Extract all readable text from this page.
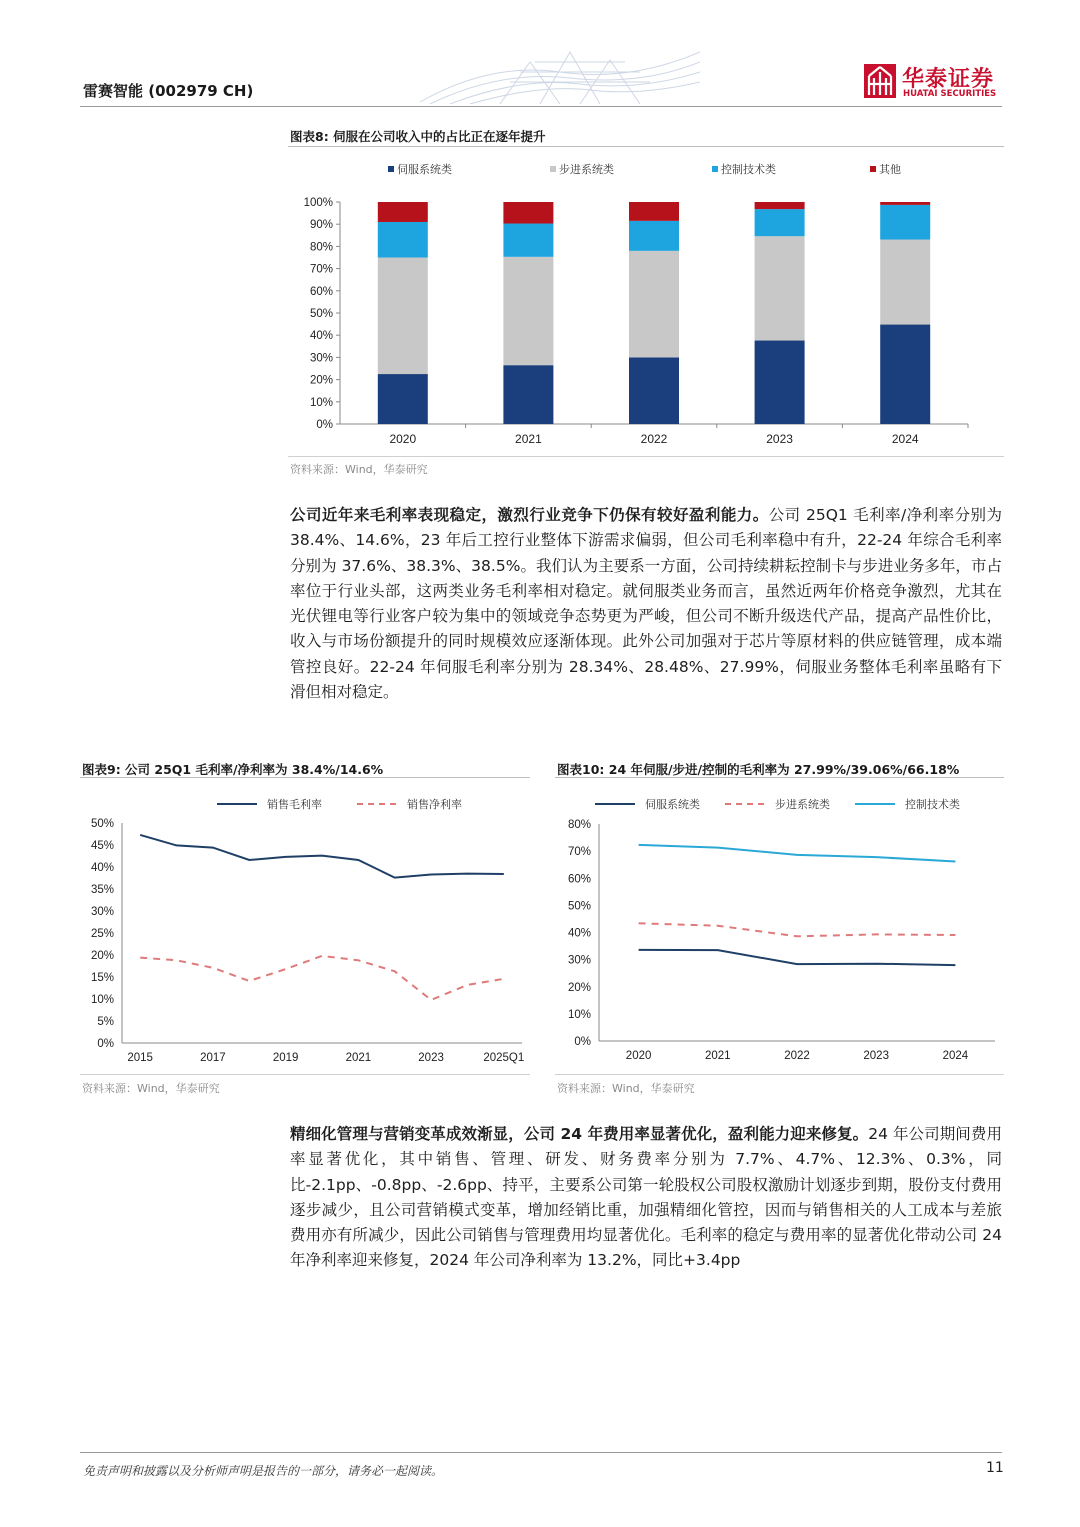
雷赛智能 (002979 CH)	华泰证券
HUATAI SECURITIES
图表8: 伺服在公司收入中的占比正在逐年提升
伺服系统类	步进系统类	控制技术类	其他
0%
10%
20%
30%
40%
50%
60%
70%
80%
90%
100%
2020	2021	2022	2023	2024
资料来源：Wind，华泰研究
公司近年来毛利率表现稳定，激烈行业竞争下仍保有较好盈利能力。公司 25Q1 毛利率/净利率分别为 38.4%、14.6%，23 年后工控行业整体下游需求偏弱，但公司毛利率稳中有升，22-24 年综合毛利率分别为 37.6%、38.3%、38.5%。我们认为主要系一方面，公司持续耕耘控制卡与步进业务多年，市占率位于行业头部，这两类业务毛利率相对稳定。就伺服类业务而言，虽然近两年价格竞争激烈，尤其在光伏锂电等行业客户较为集中的领域竞争态势更为严峻，但公司不断升级迭代产品，提高产品性价比，收入与市场份额提升的同时规模效应逐渐体现。此外公司加强对于芯片等原材料的供应链管理，成本端管控良好。22-24 年伺服毛利率分别为 28.34%、28.48%、27.99%，伺服业务整体毛利率虽略有下滑但相对稳定。
图表9: 公司 25Q1 毛利率/净利率为 38.4%/14.6%
销售毛利率	销售净利率
0%
5%
10%
15%
20%
25%
30%
35%
40%
45%
50%
2015	2017	2019	2021	2023	2025Q1
资料来源：Wind，华泰研究
图表10: 24 年伺服/步进/控制的毛利率为 27.99%/39.06%/66.18%
伺服系统类	步进系统类	控制技术类
0%
10%
20%
30%
40%
50%
60%
70%
80%
2020	2021	2022	2023	2024
资料来源：Wind，华泰研究
精细化管理与营销变革成效渐显，公司 24 年费用率显著优化，盈利能力迎来修复。24 年公司期间费用率显著优化，其中销售、管理、研发、财务费率分别为 7.7%、4.7%、12.3%、0.3%，同比-2.1pp、-0.8pp、-2.6pp、持平，主要系公司第一轮股权公司股权激励计划逐步到期，股份支付费用逐步减少，且公司营销模式变革，增加经销比重，加强精细化管控，因而与销售相关的人工成本与差旅费用亦有所减少，因此公司销售与管理费用均显著优化。毛利率的稳定与费用率的显著优化带动公司 24 年净利率迎来修复，2024 年公司净利率为 13.2%，同比+3.4pp
免责声明和披露以及分析师声明是报告的一部分，请务必一起阅读。	11
